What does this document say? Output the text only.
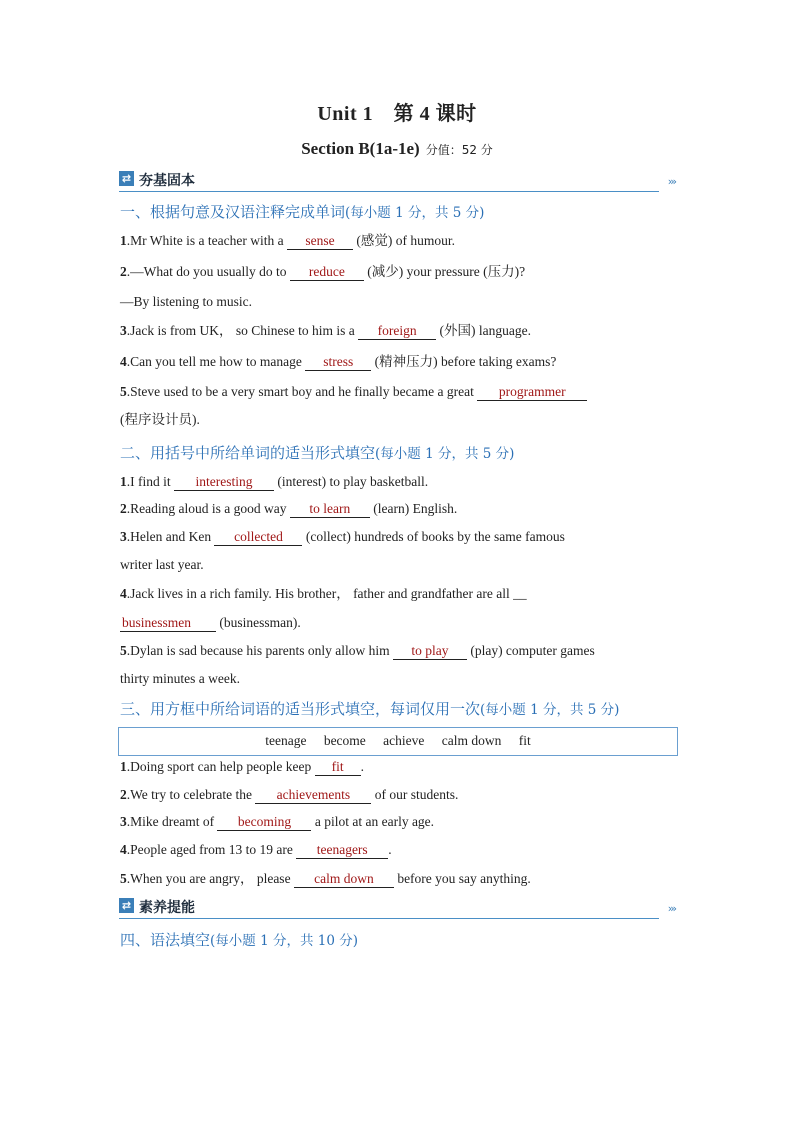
Unit 1　第 4 课时
Section B(1a-1e) 分值：52 分
⇄ 夯基固本	›››
一、根据句意及汉语注释完成单词(每小题 1 分，共 5 分)
1.Mr White is a teacher with a sense (感觉) of humour.
2.—What do you usually do to reduce (减少) your pressure (压力)?
—By listening to music.
3.Jack is from UK， so Chinese to him is a foreign (外国) language.
4.Can you tell me how to manage stress (精神压力) before taking exams?
5.Steve used to be a very smart boy and he finally became a great programmer
(程序设计员).
二、用括号中所给单词的适当形式填空(每小题 1 分，共 5 分)
1.I find it interesting (interest) to play basketball.
2.Reading aloud is a good way to learn (learn) English.
3.Helen and Ken collected (collect) hundreds of books by the same famous
writer last year.
4.Jack lives in a rich family. His brother， father and grandfather are all __
businessmen (businessman).
5.Dylan is sad because his parents only allow him to play (play) computer games
thirty minutes a week.
三、用方框中所给词语的适当形式填空，每词仅用一次(每小题 1 分，共 5 分)
teenage become achieve calm down fit
1.Doing sport can help people keep fit .
2.We try to celebrate the achievements of our students.
3.Mike dreamt of becoming a pilot at an early age.
4.People aged from 13 to 19 are teenagers .
5.When you are angry， please calm down before you say anything.
⇄ 素养提能	›››
四、语法填空(每小题 1 分，共 10 分)
